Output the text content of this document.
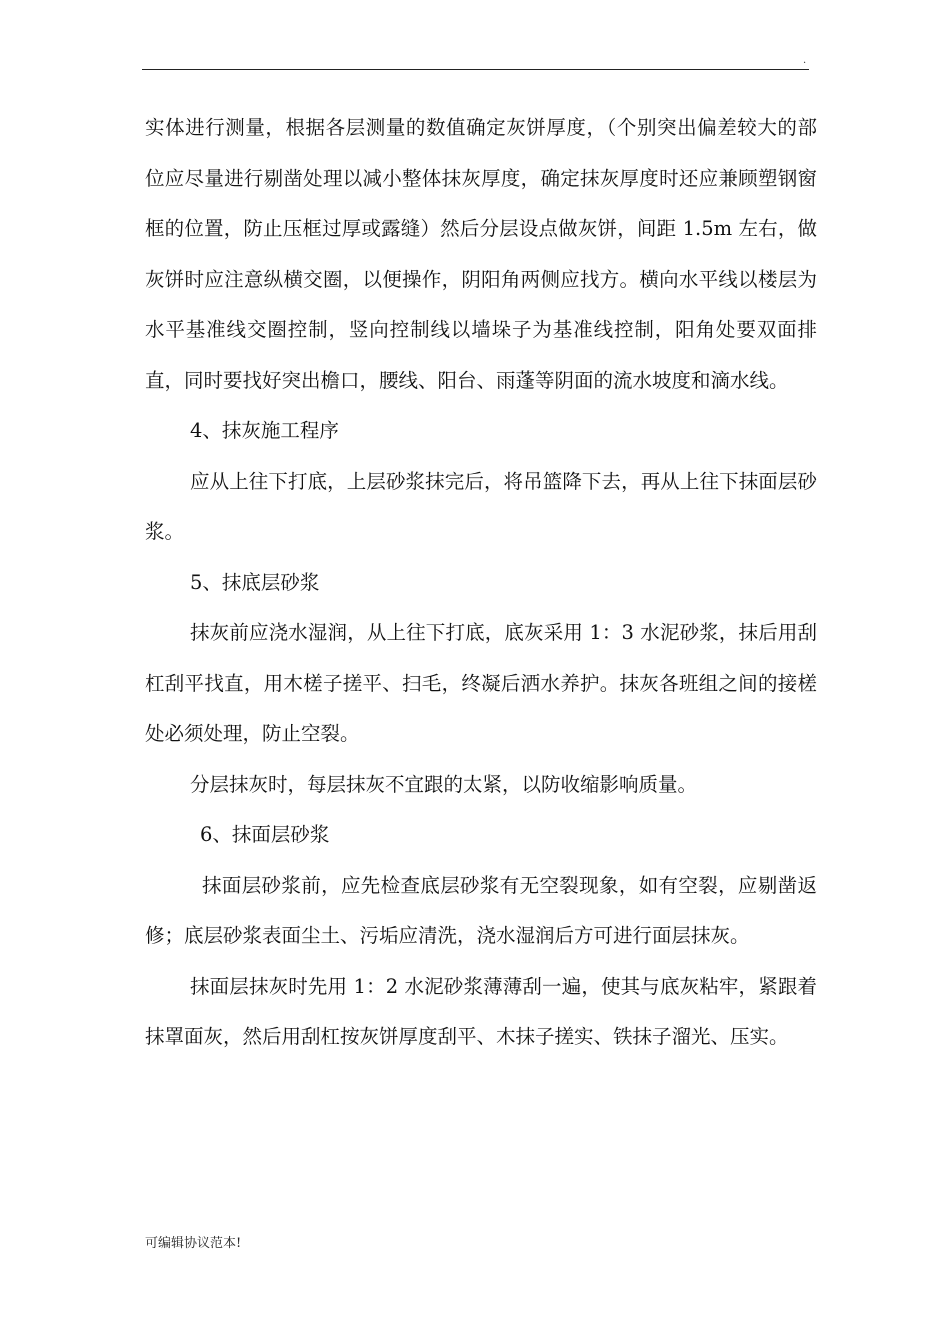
.

实体进行测量，根据各层测量的数值确定灰饼厚度，（个别突出偏差较大的部位应尽量进行剔凿处理以减小整体抹灰厚度，确定抹灰厚度时还应兼顾塑钢窗框的位置，防止压框过厚或露缝）然后分层设点做灰饼，间距 1.5m 左右，做灰饼时应注意纵横交圈，以便操作，阴阳角两侧应找方。横向水平线以楼层为水平基准线交圈控制，竖向控制线以墙垛子为基准线控制，阳角处要双面排直，同时要找好突出檐口，腰线、阳台、雨蓬等阴面的流水坡度和滴水线。

4、抹灰施工程序

应从上往下打底，上层砂浆抹完后，将吊篮降下去，再从上往下抹面层砂浆。

5、抹底层砂浆

抹灰前应浇水湿润，从上往下打底，底灰采用 1：3 水泥砂浆，抹后用刮杠刮平找直，用木槎子搓平、扫毛，终凝后洒水养护。抹灰各班组之间的接槎处必须处理，防止空裂。

分层抹灰时，每层抹灰不宜跟的太紧，以防收缩影响质量。

6、抹面层砂浆

抹面层砂浆前，应先检查底层砂浆有无空裂现象，如有空裂，应剔凿返修；底层砂浆表面尘土、污垢应清洗，浇水湿润后方可进行面层抹灰。

抹面层抹灰时先用 1：2 水泥砂浆薄薄刮一遍，使其与底灰粘牢，紧跟着抹罩面灰，然后用刮杠按灰饼厚度刮平、木抹子搓实、铁抹子溜光、压实。

可编辑协议范本!
